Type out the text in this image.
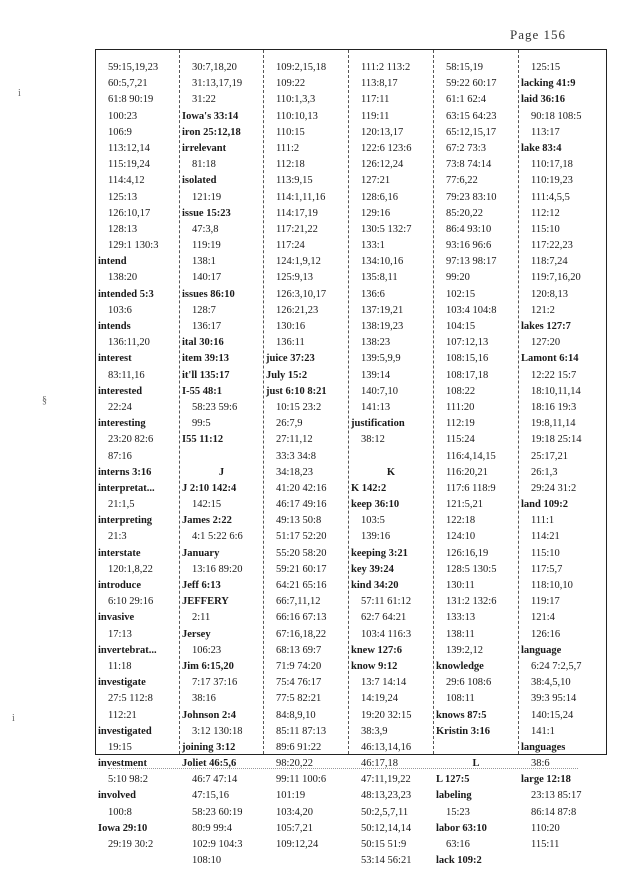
Page 156
i
§
i
59:15,19,23
60:5,7,21
61:8 90:19
100:23
106:9
113:12,14
115:19,24
114:4,12
125:13
126:10,17
128:13
129:1 130:3
intend
138:20
intended 5:3
103:6
intends
136:11,20
interest
83:11,16
interested
22:24
interesting
23:20 82:6
87:16
interns 3:16
interpretat...
21:1,5
interpreting
21:3
interstate
120:1,8,22
introduce
6:10 29:16
invasive
17:13
invertebrat...
11:18
investigate
27:5 112:8
112:21
investigated
19:15
investment
5:10 98:2
involved
100:8
Iowa 29:10
29:19 30:2
30:7,18,20
31:13,17,19
31:22
Iowa's 33:14
iron 25:12,18
irrelevant
81:18
isolated
121:19
issue 15:23
47:3,8
119:19
138:1
140:17
issues 86:10
128:7
136:17
ital 30:16
item 39:13
it'll 135:17
I-55 48:1
58:23 59:6
99:5
I55 11:12
J
J 2:10 142:4
142:15
James 2:22
4:1 5:22 6:6
January
13:16 89:20
Jeff 6:13
JEFFERY
2:11
Jersey
106:23
Jim 6:15,20
7:17 37:16
38:16
Johnson 2:4
3:12 130:18
joining 3:12
Joliet 46:5,6
46:7 47:14
47:15,16
58:23 60:19
80:9 99:4
102:9 104:3
108:10
109:2,15,18
109:22
110:1,3,3
110:10,13
110:15
111:2
112:18
113:9,15
114:1,11,16
114:17,19
117:21,22
117:24
124:1,9,12
125:9,13
126:3,10,17
126:21,23
130:16
136:11
juice 37:23
July 15:2
just 6:10 8:21
10:15 23:2
26:7,9
27:11,12
33:3 34:8
34:18,23
41:20 42:16
46:17 49:16
49:13 50:8
51:17 52:20
55:20 58:20
59:21 60:17
64:21 65:16
66:7,11,12
66:16 67:13
67:16,18,22
68:13 69:7
71:9 74:20
75:4 76:17
77:5 82:21
84:8,9,10
85:11 87:13
89:6 91:22
98:20,22
99:11 100:6
101:19
103:4,20
105:7,21
109:12,24
111:2 113:2
113:8,17
117:11
119:11
120:13,17
122:6 123:6
126:12,24
127:21
128:6,16
129:16
130:5 132:7
133:1
134:10,16
135:8,11
136:6
137:19,21
138:19,23
138:23
139:5,9,9
139:14
140:7,10
141:13
justification
38:12
K
K 142:2
keep 36:10
103:5
139:16
keeping 3:21
key 39:24
kind 34:20
57:11 61:12
62:7 64:21
103:4 116:3
knew 127:6
know 9:12
13:7 14:14
14:19,24
19:20 32:15
38:3,9
46:13,14,16
46:17,18
47:11,19,22
48:13,23,23
50:2,5,7,11
50:12,14,14
50:15 51:9
53:14 56:21
58:15,19
59:22 60:17
61:1 62:4
63:15 64:23
65:12,15,17
67:2 73:3
73:8 74:14
77:6,22
79:23 83:10
85:20,22
86:4 93:10
93:16 96:6
97:13 98:17
99:20
102:15
103:4 104:8
104:15
107:12,13
108:15,16
108:17,18
108:22
111:20
112:19
115:24
116:4,14,15
116:20,21
117:6 118:9
121:5,21
122:18
124:10
126:16,19
128:5 130:5
130:11
131:2 132:6
133:13
138:11
139:2,12
knowledge
29:6 108:6
108:11
knows 87:5
Kristin 3:16
L
L 127:5
labeling
15:23
labor 63:10
63:16
lack 109:2
125:15
lacking 41:9
laid 36:16
90:18 108:5
113:17
lake 83:4
110:17,18
110:19,23
111:4,5,5
112:12
115:10
117:22,23
118:7,24
119:7,16,20
120:8,13
121:2
lakes 127:7
127:20
Lamont 6:14
12:22 15:7
18:10,11,14
18:16 19:3
19:8,11,14
19:18 25:14
25:17,21
26:1,3
29:24 31:2
land 109:2
111:1
114:21
115:10
117:5,7
118:10,10
119:17
121:4
126:16
language
6:24 7:2,5,7
38:4,5,10
39:3 95:14
140:15,24
141:1
languages
38:6
large 12:18
23:13 85:17
86:14 87:8
110:20
115:11
